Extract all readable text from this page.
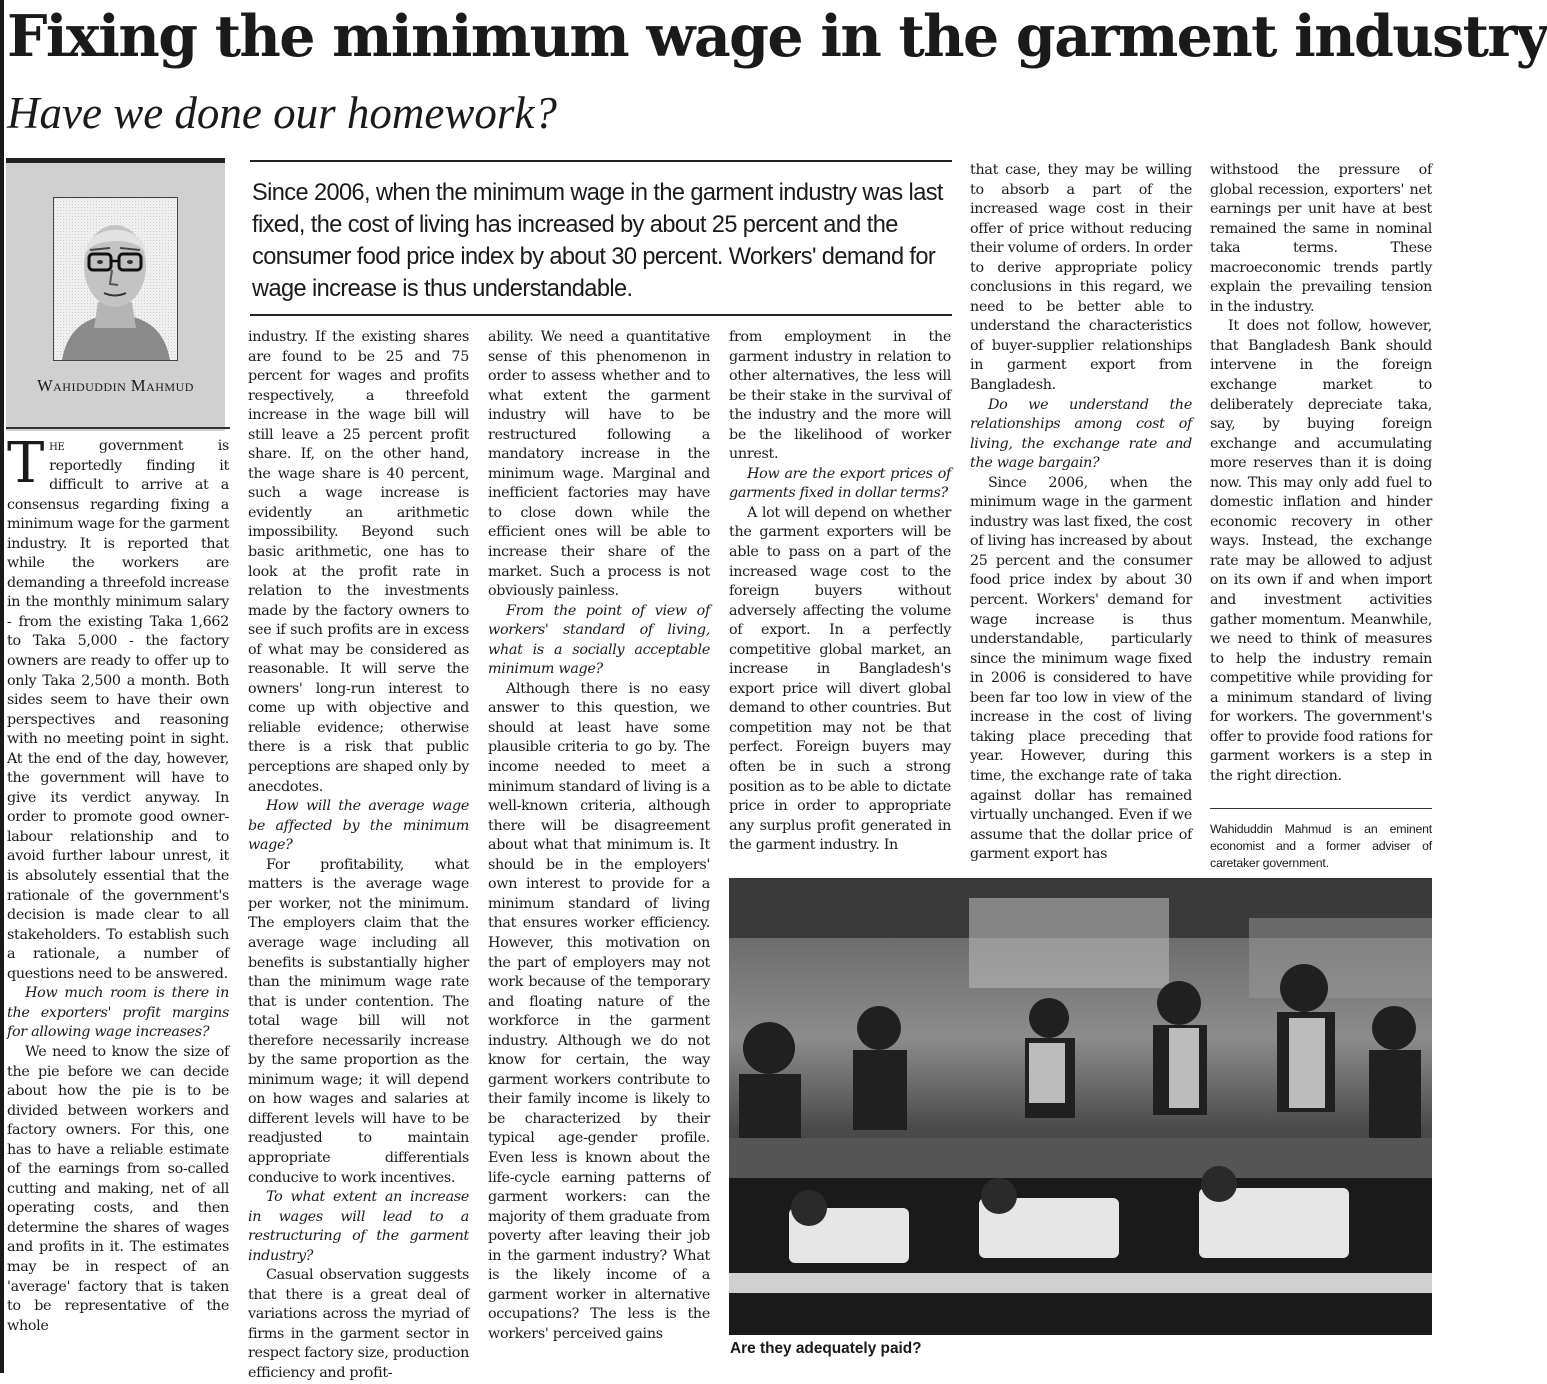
Fixing the minimum wage in the garment industry
Have we done our homework?
Wahiduddin Mahmud

Since 2006, when the minimum wage in the garment industry was last fixed, the cost of living has increased by about 25 percent and the consumer food price index by about 30 percent. Workers' demand for wage increase is thus understandable.

The government is reportedly finding it difficult to arrive at a consensus regarding fixing a minimum wage for the garment industry. It is reported that while the workers are demanding a threefold increase in the monthly minimum salary - from the existing Taka 1,662 to Taka 5,000 - the factory owners are ready to offer up to only Taka 2,500 a month. Both sides seem to have their own perspectives and reasoning with no meeting point in sight. At the end of the day, however, the government will have to give its verdict anyway. In order to promote good owner-labour relationship and to avoid further labour unrest, it is absolutely essential that the rationale of the government's decision is made clear to all stakeholders. To establish such a rationale, a number of questions need to be answered.

How much room is there in the exporters' profit margins for allowing wage increases?

We need to know the size of the pie before we can decide about how the pie is to be divided between workers and factory owners. For this, one has to have a reliable estimate of the earnings from so-called cutting and making, net of all operating costs, and then determine the shares of wages and profits in it. The estimates may be in respect of an 'average' factory that is taken to be representative of the whole

industry. If the existing shares are found to be 25 and 75 percent for wages and profits respectively, a threefold increase in the wage bill will still leave a 25 percent profit share. If, on the other hand, the wage share is 40 percent, such a wage increase is evidently an arithmetic impossibility. Beyond such basic arithmetic, one has to look at the profit rate in relation to the investments made by the factory owners to see if such profits are in excess of what may be considered as reasonable. It will serve the owners' long-run interest to come up with objective and reliable evidence; otherwise there is a risk that public perceptions are shaped only by anecdotes.

How will the average wage be affected by the minimum wage?

For profitability, what matters is the average wage per worker, not the minimum. The employers claim that the average wage including all benefits is substantially higher than the minimum wage rate that is under contention. The total wage bill will not therefore necessarily increase by the same proportion as the minimum wage; it will depend on how wages and salaries at different levels will have to be readjusted to maintain appropriate differentials conducive to work incentives.

To what extent an increase in wages will lead to a restructuring of the garment industry?

Casual observation suggests that there is a great deal of variations across the myriad of firms in the garment sector in respect factory size, production efficiency and profit-

ability. We need a quantitative sense of this phenomenon in order to assess whether and to what extent the garment industry will have to be restructured following a mandatory increase in the minimum wage. Marginal and inefficient factories may have to close down while the efficient ones will be able to increase their share of the market. Such a process is not obviously painless.

From the point of view of workers' standard of living, what is a socially acceptable minimum wage?

Although there is no easy answer to this question, we should at least have some plausible criteria to go by. The income needed to meet a minimum standard of living is a well-known criteria, although there will be disagreement about what that minimum is. It should be in the employers' own interest to provide for a minimum standard of living that ensures worker efficiency. However, this motivation on the part of employers may not work because of the temporary and floating nature of the workforce in the garment industry. Although we do not know for certain, the way garment workers contribute to their family income is likely to be characterized by their typical age-gender profile. Even less is known about the life-cycle earning patterns of garment workers: can the majority of them graduate from poverty after leaving their job in the garment industry? What is the likely income of a garment worker in alternative occupations? The less is the workers' perceived gains

from employment in the garment industry in relation to other alternatives, the less will be their stake in the survival of the industry and the more will be the likelihood of worker unrest.

How are the export prices of garments fixed in dollar terms?

A lot will depend on whether the garment exporters will be able to pass on a part of the increased wage cost to the foreign buyers without adversely affecting the volume of export. In a perfectly competitive global market, an increase in Bangladesh's export price will divert global demand to other countries. But competition may not be that perfect. Foreign buyers may often be in such a strong position as to be able to dictate price in order to appropriate any surplus profit generated in the garment industry. In

that case, they may be willing to absorb a part of the increased wage cost in their offer of price without reducing their volume of orders. In order to derive appropriate policy conclusions in this regard, we need to be better able to understand the characteristics of buyer-supplier relationships in garment export from Bangladesh.

Do we understand the relationships among cost of living, the exchange rate and the wage bargain?

Since 2006, when the minimum wage in the garment industry was last fixed, the cost of living has increased by about 25 percent and the consumer food price index by about 30 percent. Workers' demand for wage increase is thus understandable, particularly since the minimum wage fixed in 2006 is considered to have been far too low in view of the increase in the cost of living taking place preceding that year. However, during this time, the exchange rate of taka against dollar has remained virtually unchanged. Even if we assume that the dollar price of garment export has

withstood the pressure of global recession, exporters' net earnings per unit have at best remained the same in nominal taka terms. These macroeconomic trends partly explain the prevailing tension in the industry.

It does not follow, however, that Bangladesh Bank should intervene in the foreign exchange market to deliberately depreciate taka, say, by buying foreign exchange and accumulating more reserves than it is doing now. This may only add fuel to domestic inflation and hinder economic recovery in other ways. Instead, the exchange rate may be allowed to adjust on its own if and when import and investment activities gather momentum. Meanwhile, we need to think of measures to help the industry remain competitive while providing for a minimum standard of living for workers. The government's offer to provide food rations for garment workers is a step in the right direction.

Wahiduddin Mahmud is an eminent economist and a former adviser of caretaker government.
Are they adequately paid?
